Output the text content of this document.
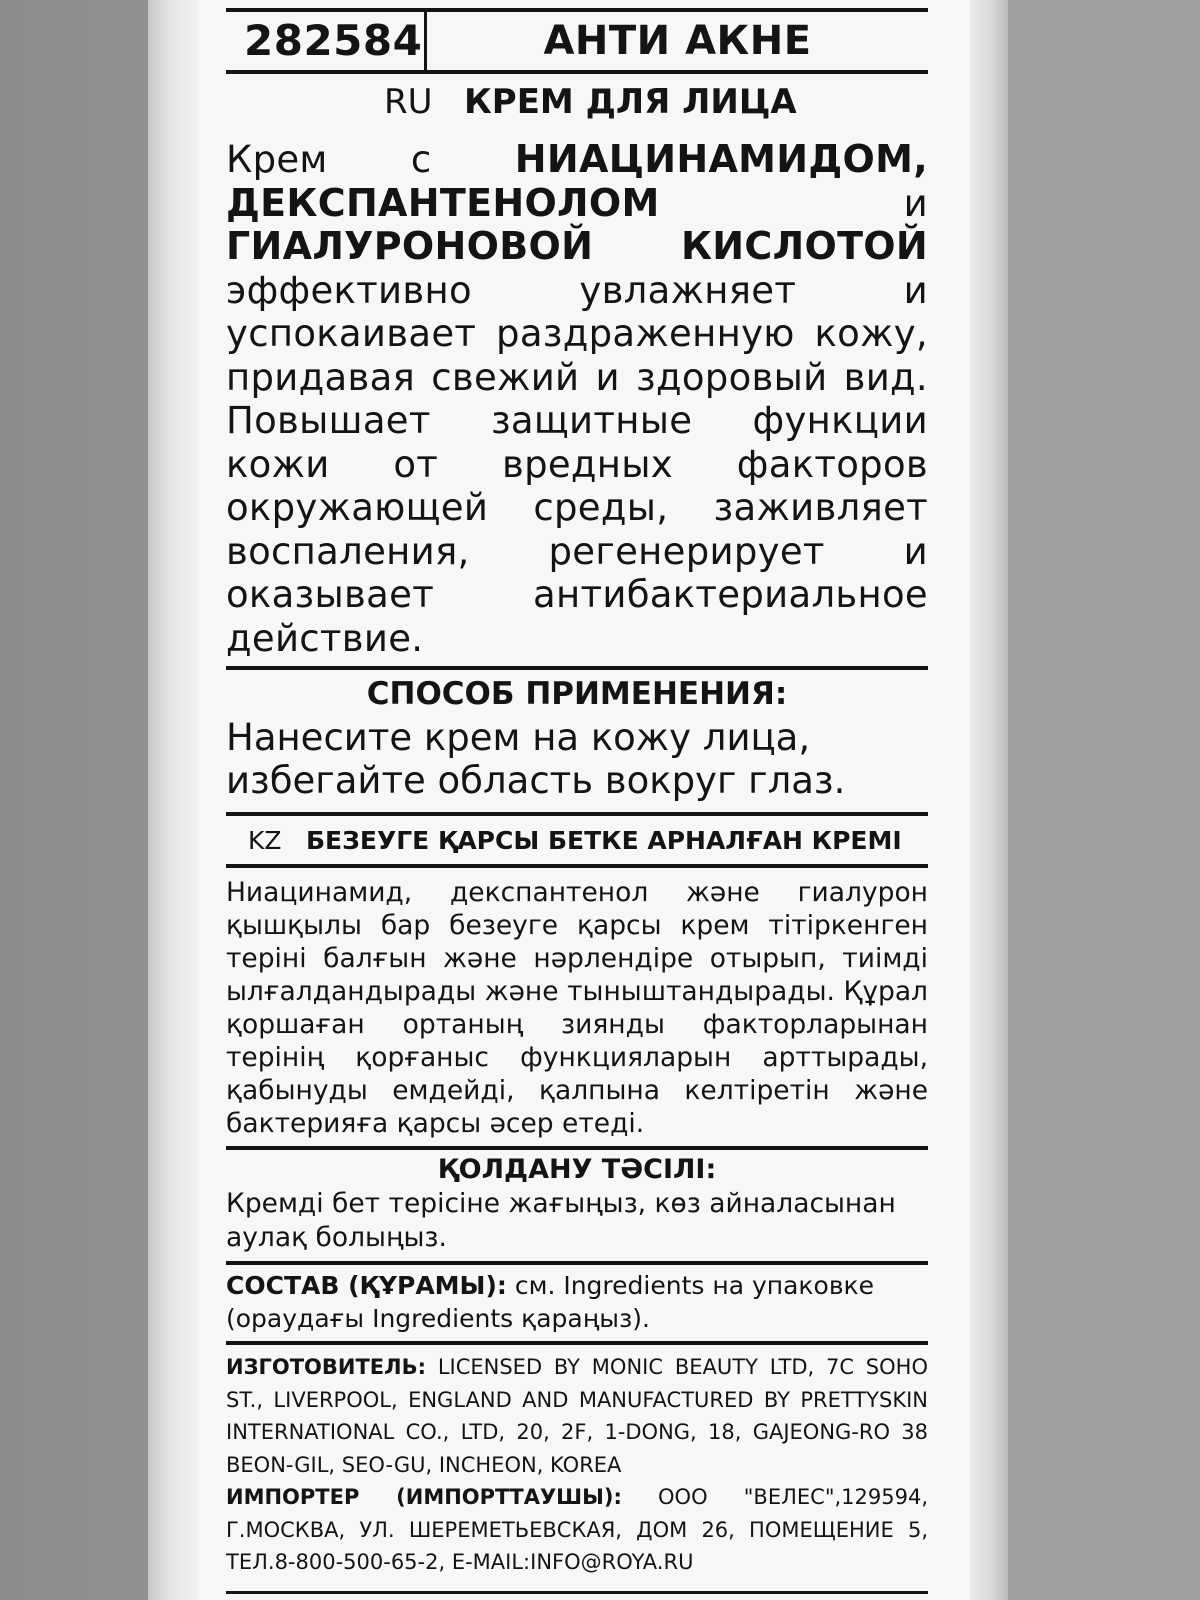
282584	АНТИ АКНЕ
RU КРЕМ ДЛЯ ЛИЦА

Крем с НИАЦИНАМИДОМ, ДЕКСПАНТЕНОЛОМ и ГИАЛУРОНОВОЙ КИСЛОТОЙ эффективно увлажняет и успокаивает раздраженную кожу, придавая свежий и здоровый вид. Повышает защитные функции кожи от вредных факторов окружающей среды, заживляет воспаления, регенерирует и оказывает антибактериальное действие.

СПОСОБ ПРИМЕНЕНИЯ:

Нанесите крем на кожу лица, избегайте область вокруг глаз.

KZ БЕЗЕУГЕ ҚАРСЫ БЕТКЕ АРНАЛҒАН КРЕМІ

Ниацинамид, декспантенол және гиалурон қышқылы бар безеуге қарсы крем тітіркенген теріні балғын және нәрлендіре отырып, тиімді ылғалдандырады және тыныштандырады. Құрал қоршаған ортаның зиянды факторларынан терінің қорғаныс функцияларын арттырады, қабынуды емдейді, қалпына келтіретін және бактерияға қарсы әсер етеді.

ҚОЛДАНУ ТӘСІЛІ:

Кремді бет терісіне жағыңыз, көз айналасынан аулақ болыңыз.

СОСТАВ (ҚҰРАМЫ): см. Ingredients на упаковке (ораудағы Ingredients қараңыз).

ИЗГОТОВИТЕЛЬ: LICENSED BY MONIC BEAUTY LTD, 7C SOHO ST., LIVERPOOL, ENGLAND AND MANUFACTURED BY PRETTYSKIN INTERNATIONAL CO., LTD, 20, 2F, 1-DONG, 18, GAJEONG-RO 38 BEON-GIL, SEO-GU, INCHEON, KOREA

ИМПОРТЕР (ИМПОРТТАУШЫ): ООО "ВЕЛЕС",129594, Г.МОСКВА, УЛ. ШЕРЕМЕТЬЕВСКАЯ, ДОМ 26, ПОМЕЩЕНИЕ 5, ТЕЛ.8-800-500-65-2, E-MAIL:INFO@ROYA.RU
